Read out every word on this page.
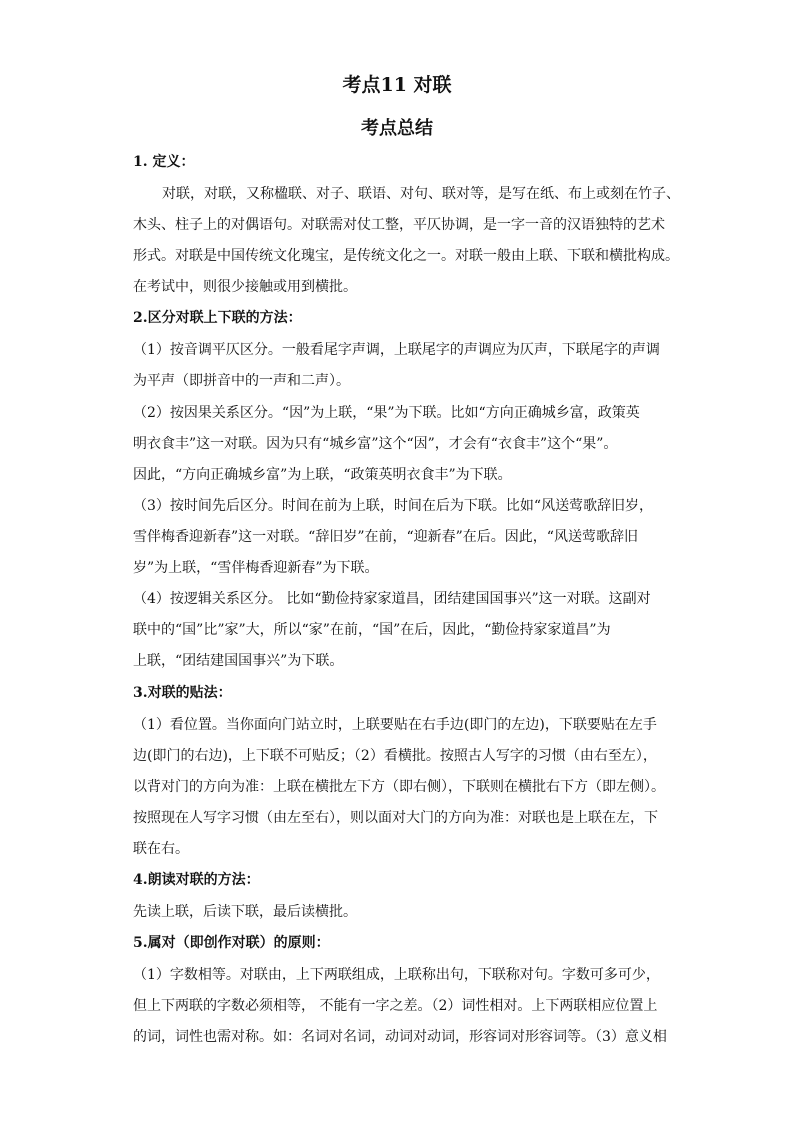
考点11 对联
考点总结
1. 定义：
对联，对联，又称楹联、对子、联语、对句、联对等，是写在纸、布上或刻在竹子、
木头、柱子上的对偶语句。对联需对仗工整，平仄协调，是一字一音的汉语独特的艺术
形式。对联是中国传统文化瑰宝，是传统文化之一。对联一般由上联、下联和横批构成。
在考试中，则很少接触或用到横批。
2.区分对联上下联的方法：
（1）按音调平仄区分。一般看尾字声调，上联尾字的声调应为仄声，下联尾字的声调
为平声（即拼音中的一声和二声）。
（2）按因果关系区分。“因”为上联，“果”为下联。比如“方向正确城乡富，政策英
明衣食丰”这一对联。因为只有“城乡富”这个“因”，才会有“衣食丰”这个“果”。
因此，“方向正确城乡富”为上联，“政策英明衣食丰”为下联。
（3）按时间先后区分。时间在前为上联，时间在后为下联。比如“风送莺歌辞旧岁，
雪伴梅香迎新春”这一对联。“辞旧岁”在前，“迎新春”在后。因此，“风送莺歌辞旧
岁”为上联，“雪伴梅香迎新春”为下联。
（4）按逻辑关系区分。 比如“勤俭持家家道昌，团结建国国事兴”这一对联。这副对
联中的“国”比”家”大，所以“家”在前，“国”在后，因此，“勤俭持家家道昌”为
上联，“团结建国国事兴”为下联。
3.对联的贴法：
（1）看位置。当你面向门站立时，上联要贴在右手边(即门的左边)，下联要贴在左手
边(即门的右边)，上下联不可贴反；（2）看横批。按照古人写字的习惯（由右至左），
以背对门的方向为准：上联在横批左下方（即右侧），下联则在横批右下方（即左侧）。
按照现在人写字习惯（由左至右），则以面对大门的方向为准：对联也是上联在左，下
联在右。
4.朗读对联的方法：
先读上联，后读下联，最后读横批。
5.属对（即创作对联）的原则：
（1）字数相等。对联由，上下两联组成，上联称出句，下联称对句。字数可多可少，
但上下两联的字数必须相等， 不能有一字之差。（2）词性相对。上下两联相应位置上
的词，词性也需对称。如：名词对名词，动词对动词，形容词对形容词等。（3）意义相
